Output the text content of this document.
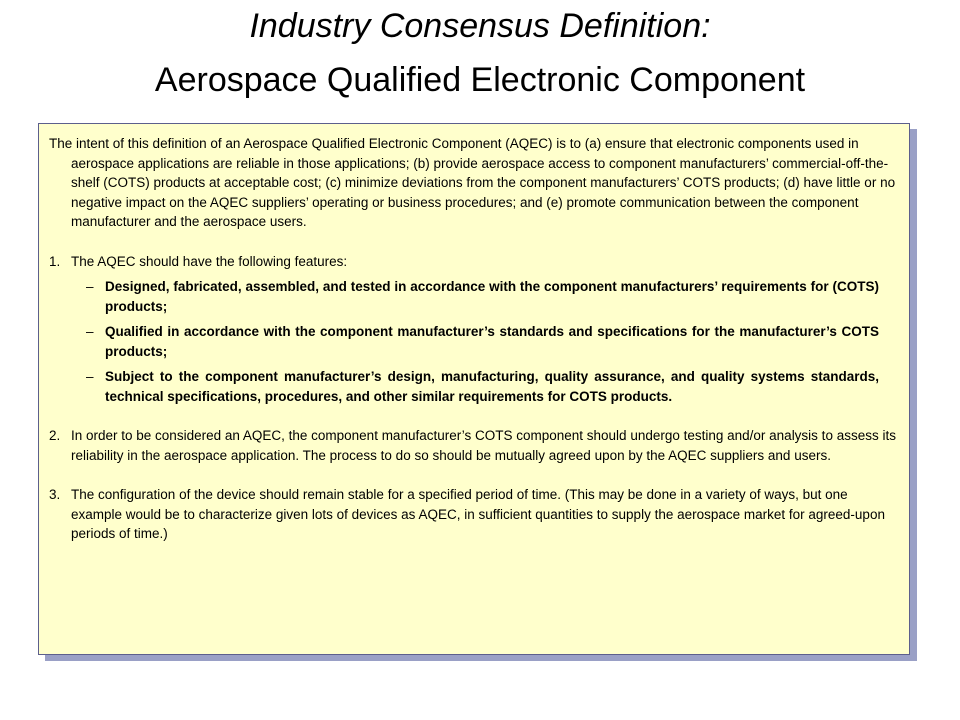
Industry Consensus Definition:
Aerospace Qualified Electronic Component

The intent of this definition of an Aerospace Qualified Electronic Component (AQEC) is to (a) ensure that electronic components used in aerospace applications are reliable in those applications; (b) provide aerospace access to component manufacturers’ commercial-off-the-shelf (COTS) products at acceptable cost; (c) minimize deviations from the component manufacturers’ COTS products; (d) have little or no negative impact on the AQEC suppliers’ operating or business procedures; and (e) promote communication between the component manufacturer and the aerospace users.

1. The AQEC should have the following features:
– Designed, fabricated, assembled, and tested in accordance with the component manufacturers’ requirements for (COTS) products;
– Qualified in accordance with the component manufacturer’s standards and specifications for the manufacturer’s COTS products;
– Subject to the component manufacturer’s design, manufacturing, quality assurance, and quality systems standards, technical specifications, procedures, and other similar requirements for COTS products.
2. In order to be considered an AQEC, the component manufacturer’s COTS component should undergo testing and/or analysis to assess its reliability in the aerospace application. The process to do so should be mutually agreed upon by the AQEC suppliers and users.
3. The configuration of the device should remain stable for a specified period of time. (This may be done in a variety of ways, but one example would be to characterize given lots of devices as AQEC, in sufficient quantities to supply the aerospace market for agreed-upon periods of time.)
